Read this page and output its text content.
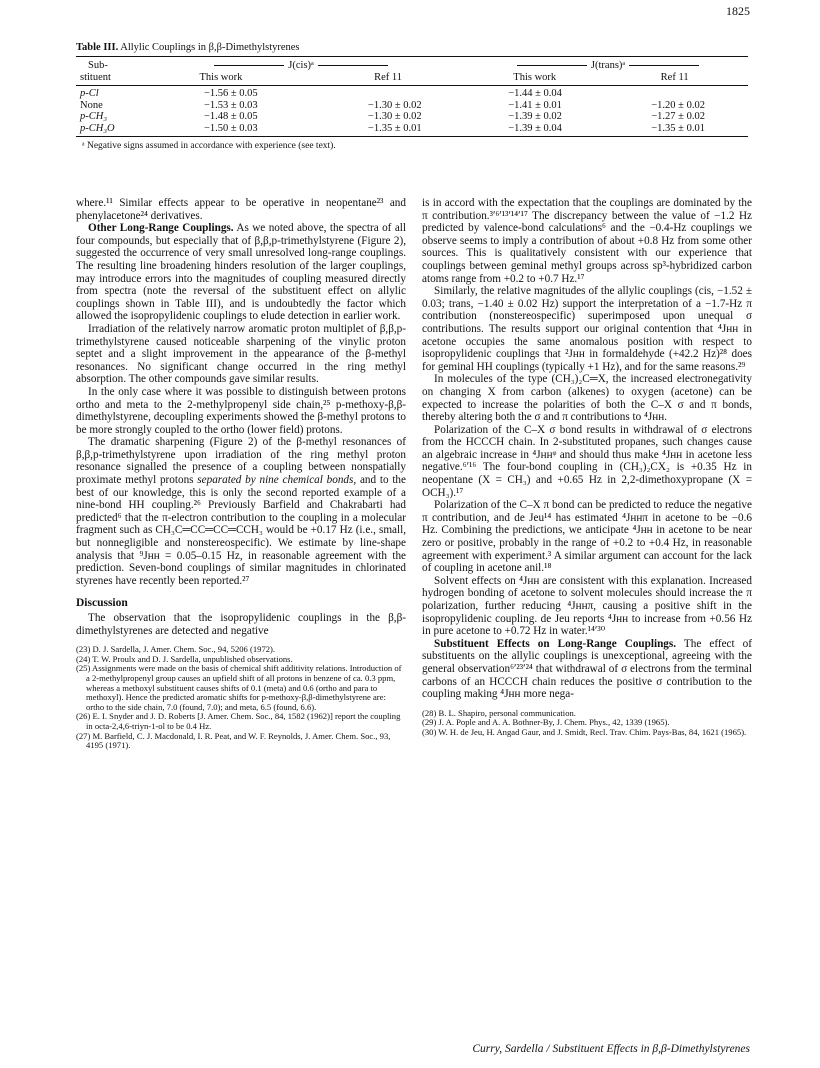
1825
Table III. Allylic Couplings in β,β-Dimethylstyrenes
Sub-	J(cis)ᵃ		J(trans)ᵃ	
stituent	This work	Ref 11	This work	Ref 11
p-Cl	−1.56 ± 0.05		−1.44 ± 0.04	
None	−1.53 ± 0.03	−1.30 ± 0.02	−1.41 ± 0.01	−1.20 ± 0.02
p-CH₃	−1.48 ± 0.05	−1.30 ± 0.02	−1.39 ± 0.02	−1.27 ± 0.02
p-CH₃O	−1.50 ± 0.03	−1.35 ± 0.01	−1.39 ± 0.04	−1.35 ± 0.01
ᵃ Negative signs assumed in accordance with experience (see text).

where.¹¹ Similar effects appear to be operative in neopentane²³ and phenylacetone²⁴ derivatives.

Other Long-Range Couplings. As we noted above, the spectra of all four compounds, but especially that of β,β,p-trimethylstyrene (Figure 2), suggested the occurrence of very small unresolved long-range couplings. The resulting line broadening hinders resolution of the larger couplings, may introduce errors into the magnitudes of coupling measured directly from spectra (note the reversal of the substituent effect on allylic couplings shown in Table III), and is undoubtedly the factor which allowed the isopropylidenic couplings to elude detection in earlier work.

Irradiation of the relatively narrow aromatic proton multiplet of β,β,p-trimethylstyrene caused noticeable sharpening of the vinylic proton septet and a slight improvement in the appearance of the β-methyl resonances. No significant change occurred in the ring methyl absorption. The other compounds gave similar results.

In the only case where it was possible to distinguish between protons ortho and meta to the 2-methylpropenyl side chain,²⁵ p-methoxy-β,β-dimethylstyrene, decoupling experiments showed the β-methyl protons to be more strongly coupled to the ortho (lower field) protons.

The dramatic sharpening (Figure 2) of the β-methyl resonances of β,β,p-trimethylstyrene upon irradiation of the ring methyl proton resonance signalled the presence of a coupling between nonspatially proximate methyl protons separated by nine chemical bonds, and to the best of our knowledge, this is only the second reported example of a nine-bond HH coupling.²⁶ Previously Barfield and Chakrabarti had predicted⁶ that the π-electron contribution to the coupling in a molecular fragment such as CH₃C═CC═CC═CCH₃ would be +0.17 Hz (i.e., small, but nonnegligible and nonstereospecific). We estimate by line-shape analysis that ⁹Jʜʜ = 0.05–0.15 Hz, in reasonable agreement with the prediction. Seven-bond couplings of similar magnitudes in chlorinated styrenes have recently been reported.²⁷

Discussion

The observation that the isopropylidenic couplings in the β,β-dimethylstyrenes are detected and negative

(23) D. J. Sardella, J. Amer. Chem. Soc., 94, 5206 (1972).

(24) T. W. Proulx and D. J. Sardella, unpublished observations.

(25) Assignments were made on the basis of chemical shift additivity relations. Introduction of a 2-methylpropenyl group causes an upfield shift of all protons in benzene of ca. 0.3 ppm, whereas a methoxyl substituent causes shifts of 0.1 (meta) and 0.6 (ortho and para to methoxyl). Hence the predicted aromatic shifts for p-methoxy-β,β-dimethylstyrene are: ortho to the side chain, 7.0 (found, 7.0); and meta, 6.5 (found, 6.6).

(26) E. I. Snyder and J. D. Roberts [J. Amer. Chem. Soc., 84, 1582 (1962)] report the coupling in octa-2,4,6-triyn-1-ol to be 0.4 Hz.

(27) M. Barfield, C. J. Macdonald, I. R. Peat, and W. F. Reynolds, J. Amer. Chem. Soc., 93, 4195 (1971).

is in accord with the expectation that the couplings are dominated by the π contribution.³ʹ⁶ʹ¹³ʹ¹⁴ʹ¹⁷ The discrepancy between the value of −1.2 Hz predicted by valence-bond calculations⁶ and the −0.4-Hz couplings we observe seems to imply a contribution of about +0.8 Hz from some other sources. This is qualitatively consistent with our experience that couplings between geminal methyl groups across sp³-hybridized carbon atoms range from +0.2 to +0.7 Hz.¹⁷

Similarly, the relative magnitudes of the allylic couplings (cis, −1.52 ± 0.03; trans, −1.40 ± 0.02 Hz) support the interpretation of a −1.7-Hz π contribution (nonstereospecific) superimposed upon unequal σ contributions. The results support our original contention that ⁴Jʜʜ in acetone occupies the same anomalous position with respect to isopropylidenic couplings that ²Jʜʜ in formaldehyde (+42.2 Hz)²⁸ does for geminal HH couplings (typically +1 Hz), and for the same reasons.²⁹

In molecules of the type (CH₃)₂C═X, the increased electronegativity on changing X from carbon (alkenes) to oxygen (acetone) can be expected to increase the polarities of both the C–X σ and π bonds, thereby altering both the σ and π contributions to ⁴Jʜʜ.

Polarization of the C–X σ bond results in withdrawal of σ electrons from the HCCCH chain. In 2-substituted propanes, such changes cause an algebraic increase in ⁴Jʜʜᵠ and should thus make ⁴Jʜʜ in acetone less negative.⁶ʹ¹⁶ The four-bond coupling in (CH₃)₂CX₂ is +0.35 Hz in neopentane (X = CH₃) and +0.65 Hz in 2,2-dimethoxypropane (X = OCH₃).¹⁷

Polarization of the C–X π bond can be predicted to reduce the negative π contribution, and de Jeu¹⁴ has estimated ⁴Jʜʜπ in acetone to be −0.6 Hz. Combining the predictions, we anticipate ⁴Jʜʜ in acetone to be near zero or positive, probably in the range of +0.2 to +0.4 Hz, in reasonable agreement with experiment.³ A similar argument can account for the lack of coupling in acetone anil.¹⁸

Solvent effects on ⁴Jʜʜ are consistent with this explanation. Increased hydrogen bonding of acetone to solvent molecules should increase the π polarization, further reducing ⁴Jʜʜπ, causing a positive shift in the isopropylidenic coupling. de Jeu reports ⁴Jʜʜ to increase from +0.56 Hz in pure acetone to +0.72 Hz in water.¹⁴ʹ³⁰

Substituent Effects on Long-Range Couplings. The effect of substituents on the allylic couplings is unexceptional, agreeing with the general observation⁶ʹ²³ʹ²⁴ that withdrawal of σ electrons from the terminal carbons of an HCCCH chain reduces the positive σ contribution to the coupling making ⁴Jʜʜ more nega-

(28) B. L. Shapiro, personal communication.

(29) J. A. Pople and A. A. Bothner-By, J. Chem. Phys., 42, 1339 (1965).

(30) W. H. de Jeu, H. Angad Gaur, and J. Smidt, Recl. Trav. Chim. Pays-Bas, 84, 1621 (1965).

Curry, Sardella / Substituent Effects in β,β-Dimethylstyrenes
